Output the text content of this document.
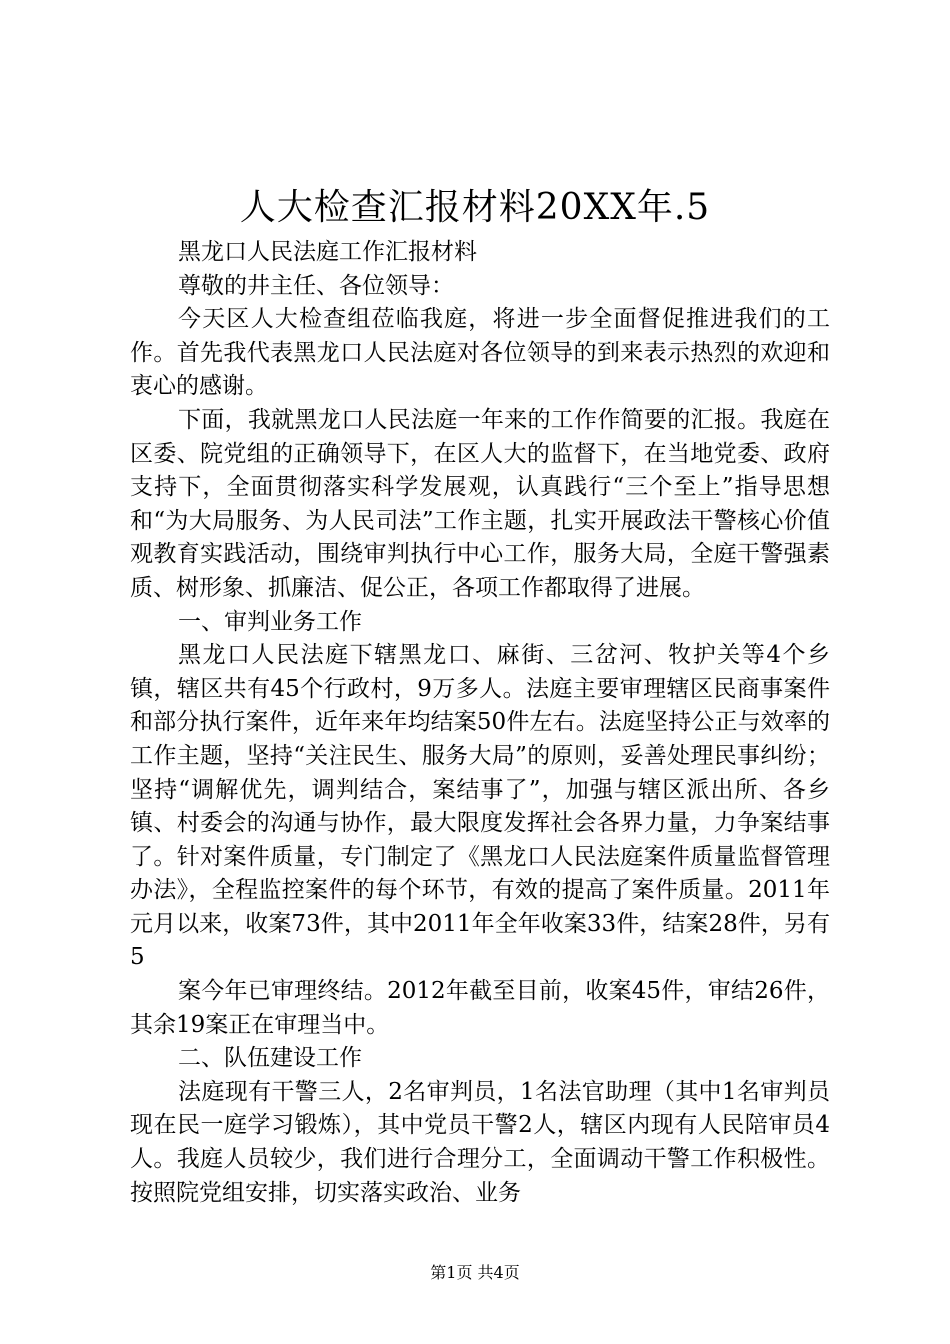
人大检查汇报材料20XX年.5

黑龙口人民法庭工作汇报材料

尊敬的井主任、各位领导：

今天区人大检查组莅临我庭，将进一步全面督促推进我们的工作。首先我代表黑龙口人民法庭对各位领导的到来表示热烈的欢迎和衷心的感谢。

下面，我就黑龙口人民法庭一年来的工作作简要的汇报。我庭在区委、院党组的正确领导下，在区人大的监督下，在当地党委、政府支持下，全面贯彻落实科学发展观，认真践行“三个至上”指导思想和“为大局服务、为人民司法”工作主题，扎实开展政法干警核心价值观教育实践活动，围绕审判执行中心工作，服务大局，全庭干警强素质、树形象、抓廉洁、促公正，各项工作都取得了进展。

一、审判业务工作

黑龙口人民法庭下辖黑龙口、麻街、三岔河、牧护关等4个乡镇，辖区共有45个行政村，9万多人。法庭主要审理辖区民商事案件和部分执行案件，近年来年均结案50件左右。法庭坚持公正与效率的工作主题，坚持“关注民生、服务大局”的原则，妥善处理民事纠纷；坚持“调解优先，调判结合，案结事了”，加强与辖区派出所、各乡镇、村委会的沟通与协作，最大限度发挥社会各界力量，力争案结事了。针对案件质量，专门制定了《黑龙口人民法庭案件质量监督管理办法》，全程监控案件的每个环节，有效的提高了案件质量。2011年元月以来，收案73件，其中2011年全年收案33件，结案28件，另有5

案今年已审理终结。2012年截至目前，收案45件，审结26件，其余19案正在审理当中。

二、队伍建设工作

法庭现有干警三人，2名审判员，1名法官助理（其中1名审判员现在民一庭学习锻炼），其中党员干警2人，辖区内现有人民陪审员4人。我庭人员较少，我们进行合理分工，全面调动干警工作积极性。按照院党组安排，切实落实政治、业务

第1页 共4页
